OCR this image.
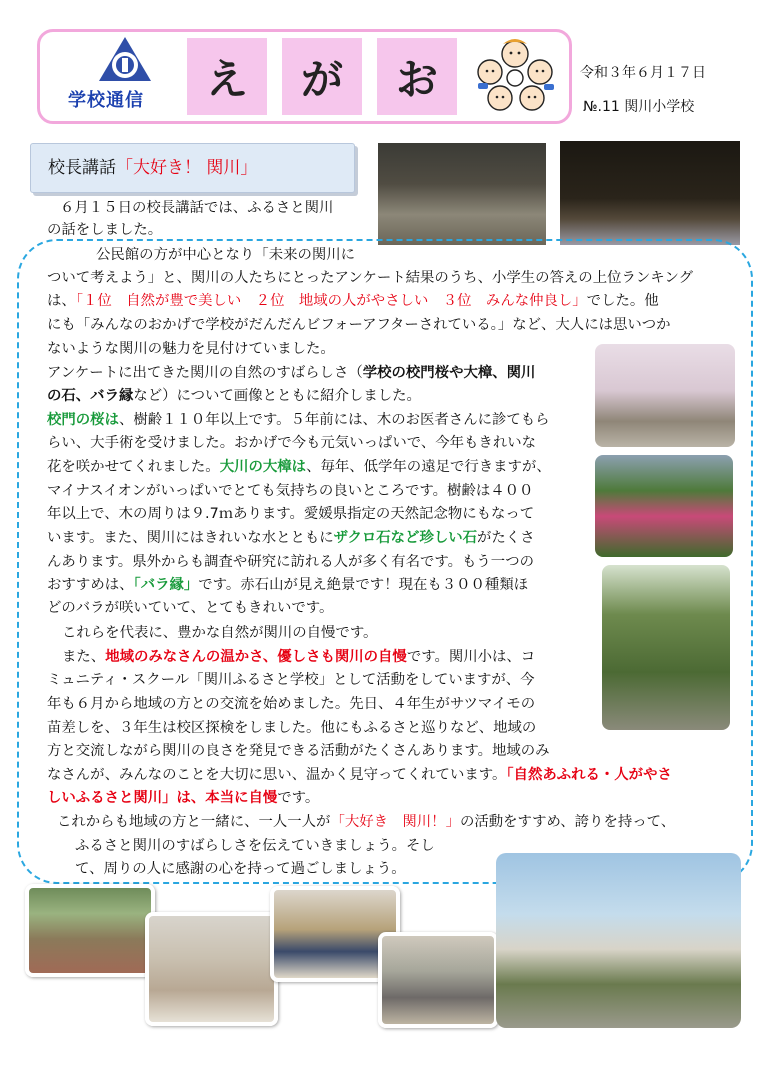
学校通信	え	が	お	令和３年６月１７日
№.11 関川小学校
校長講話「大好き！ 関川」
６月１５日の校長講話では、ふるさと関川
の話をしました。
公民館の方が中心となり「未来の関川に
ついて考えよう」と、関川の人たちにとったアンケート結果のうち、小学生の答えの上位ランキング
は、「１位　自然が豊で美しい　２位　地域の人がやさしい　３位　みんな仲良し」でした。他
にも「みんなのおかげで学校がだんだんビフォーアフターされている。」など、大人には思いつか
ないような関川の魅力を見付けていました。
アンケートに出てきた関川の自然のすばらしさ（学校の校門桜や大樟、関川
の石、バラ縁など）について画像とともに紹介しました。
校門の桜は、樹齢１１０年以上です。５年前には、木のお医者さんに診てもら
らい、大手術を受けました。おかげで今も元気いっぱいで、今年もきれいな
花を咲かせてくれました。大川の大樟は、毎年、低学年の遠足で行きますが、
マイナスイオンがいっぱいでとても気持ちの良いところです。樹齢は４００
年以上で、木の周りは９.7ｍあります。愛媛県指定の天然記念物にもなって
います。また、関川にはきれいな水とともにザクロ石など珍しい石がたくさ
んあります。県外からも調査や研究に訪れる人が多く有名です。もう一つの
おすすめは、「バラ縁」です。赤石山が見え絶景です！現在も３００種類ほ
どのバラが咲いていて、とてもきれいです。
これらを代表に、豊かな自然が関川の自慢です。
また、地域のみなさんの温かさ、優しさも関川の自慢です。関川小は、コ
ミュニティ・スクール「関川ふるさと学校」として活動をしていますが、今
年も６月から地域の方との交流を始めました。先日、４年生がサツマイモの
苗差しを、３年生は校区探検をしました。他にもふるさと巡りなど、地域の
方と交流しながら関川の良さを発見できる活動がたくさんあります。地域のみ
なさんが、みんなのことを大切に思い、温かく見守ってくれています。「自然あふれる・人がやさ
しいふるさと関川」は、本当に自慢です。
これからも地域の方と一緒に、一人一人が「大好き　関川！」の活動をすすめ、誇りを持って、
ふるさと関川のすばらしさを伝えていきましょう。そし
て、周りの人に感謝の心を持って過ごしましょう。
